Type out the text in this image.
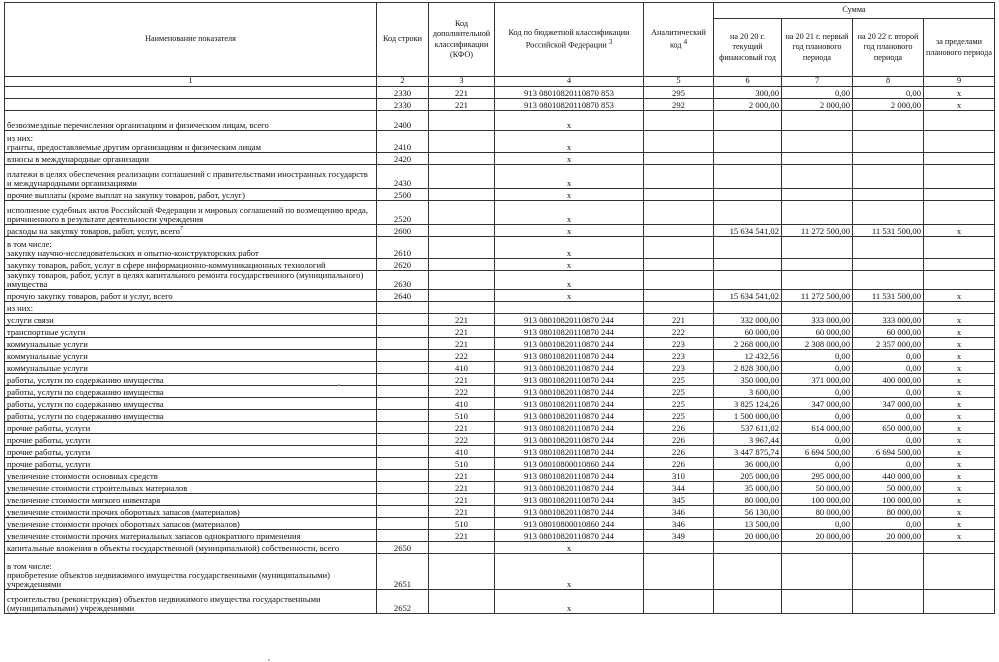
Наименование показателя	Код строки	Код дополнительной классификации (КФО)	Код по бюджетной классификации Российской Федерации $^3$	Аналитический код $^4$	Сумма			
					на 20 20 г. текущий финансовый год	на 20 21 г. первый год планового периода	на 20 22 г. второй год планового периода	за пределами планового периода
1	2	3	4	5	6	7	8	9
	2330	221	913 08010820110870 853	295	300,00	0,00	0,00	x
	2330	221	913 08010820110870 853	292	2 000,00	2 000,00	2 000,00	x
безвозмездные перечисления организациям и физическим лицам, всего	2400		x					
из них:
гранты, предоставляемые другим организациям и физическим лицам	2410		x					
взносы в международные организации	2420		x					
платежи в целях обеспечения реализации соглашений с правительствами иностранных государств и международными организациями	2430		x					
прочие выплаты (кроме выплат на закупку товаров, работ, услуг)	2500		x					
исполнение судебных актов Российской Федерации и мировых соглашений по возмещению вреда, причиненного в результате деятельности учреждения	2520		x					
расходы на закупку товаров, работ, услуг, всего$^7$	2600		x		15 634 541,02	11 272 500,00	11 531 500,00	x
в том числе:
закупку научно-исследовательских и опытно-конструкторских работ	2610		x					
закупку товаров, работ, услуг в сфере информационно-коммуникационных технологий	2620		x					
закупку товаров, работ, услуг в целях капитального ремонта государственного (муниципального) имущества	2630		x					
прочую закупку товаров, работ и услуг, всего	2640		x		15 634 541,02	11 272 500,00	11 531 500,00	x
из них:								
услуги связи		221	913 08010820110870 244	221	332 000,00	333 000,00	333 000,00	x
транспортные услуги		221	913 08010820110870 244	222	60 000,00	60 000,00	60 000,00	x
коммунальные услуги		221	913 08010820110870 244	223	2 268 000,00	2 308 000,00	2 357 000,00	x
коммунальные услуги		222	913 08010820110870 244	223	12 432,56	0,00	0,00	x
коммунальные услуги		410	913 08010820110870 244	223	2 828 300,00	0,00	0,00	x
работы, услуги по содержанию имущества		221	913 08010820110870 244	225	350 000,00	371 000,00	400 000,00	x
работы, услуги по содержанию имущества		222	913 08010820110870 244	225	3 600,00	0,00	0,00	x
работы, услуги по содержанию имущества		410	913 08010820110870 244	225	3 825 124,26	347 000,00	347 000,00	x
работы, услуги по содержанию имущества		510	913 08010820110870 244	225	1 500 000,00	0,00	0,00	x
прочие работы, услуги		221	913 08010820110870 244	226	537 611,02	614 000,00	650 000,00	x
прочие работы, услуги		222	913 08010820110870 244	226	3 967,44	0,00	0,00	x
прочие работы, услуги		410	913 08010820110870 244	226	3 447 875,74	6 694 500,00	6 694 500,00	x
прочие работы, услуги		510	913 08010800010860 244	226	36 000,00	0,00	0,00	x
увеличение стоимости основных средств		221	913 08010820110870 244	310	205 000,00	295 000,00	440 000,00	x
увеличение стоимости строительных материалов		221	913 08010820110870 244	344	35 000,00	50 000,00	50 000,00	x
увеличение стоимости мягкого инвентаря		221	913 08010820110870 244	345	80 000,00	100 000,00	100 000,00	x
увеличение стоимости прочих оборотных запасов (материалов)		221	913 08010820110870 244	346	56 130,00	80 000,00	80 000,00	x
увеличение стоимости прочих оборотных запасов (материалов)		510	913 08010800010860 244	346	13 500,00	0,00	0,00	x
увеличение стоимости прочих материальных запасов однократного применения		221	913 08010820110870 244	349	20 000,00	20 000,00	20 000,00	x
капитальные вложения в объекты государственной (муниципальной) собственности, всего	2650		x					
в том числе:
приобретение объектов недвижимого имущества государственными (муниципальными) учреждениями	2651		x					
строительство (реконструкция) объектов недвижимого имущества государственными (муниципальными) учреждениями	2652		x					
